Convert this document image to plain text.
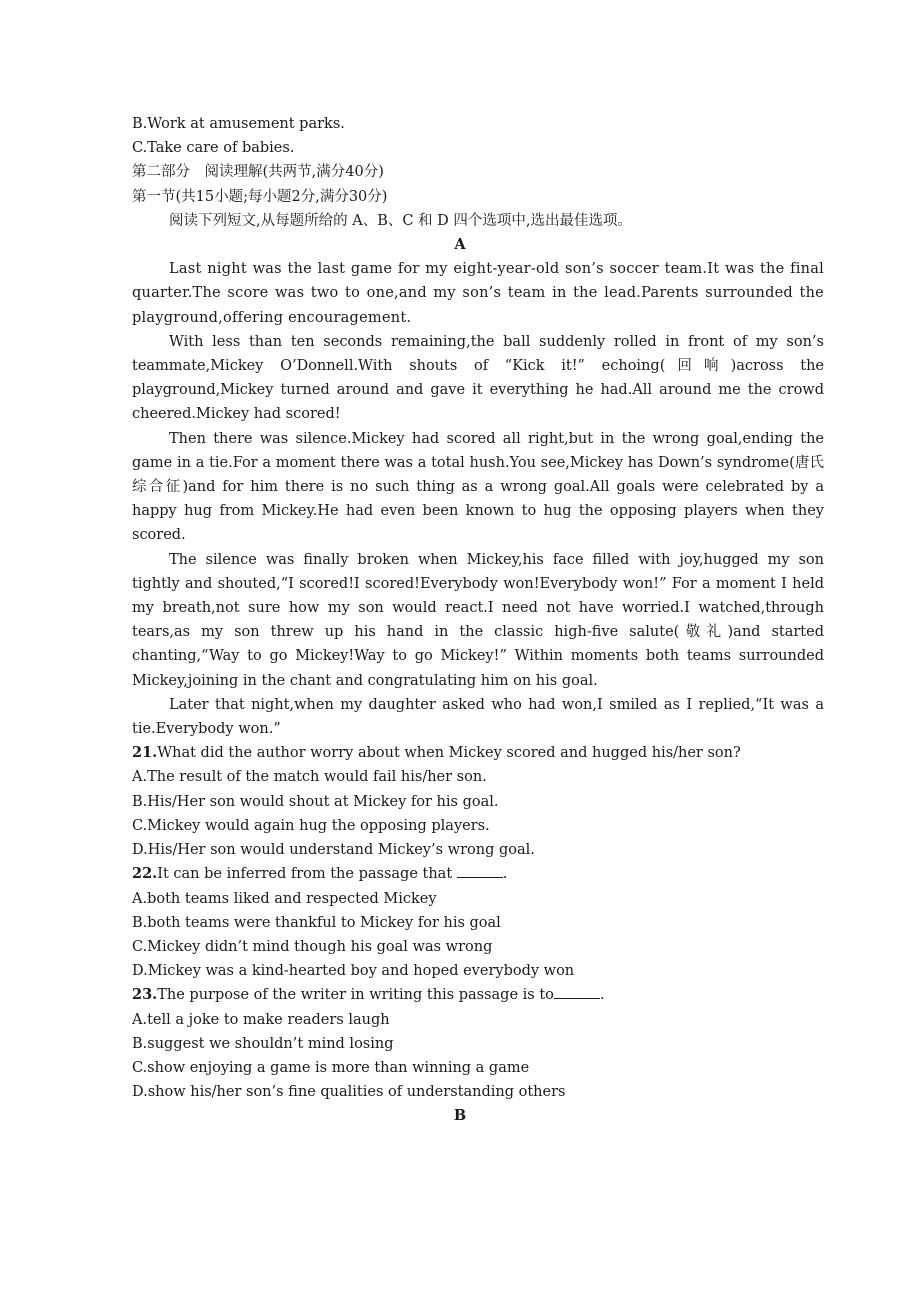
B.Work at amusement parks.
C.Take care of babies.
第二部分　阅读理解(共两节,满分40分)
第一节(共15小题;每小题2分,满分30分)
阅读下列短文,从每题所给的 A、B、C 和 D 四个选项中,选出最佳选项。
A
Last night was the last game for my eight-year-old son’s soccer team.It was the final quarter.The score was two to one,and my son’s team in the lead.Parents surrounded the playground,offering encouragement.
With less than ten seconds remaining,the ball suddenly rolled in front of my son’s teammate,Mickey O’Donnell.With shouts of “Kick it!” echoing(回响)across the playground,Mickey turned around and gave it everything he had.All around me the crowd cheered.Mickey had scored!
Then there was silence.Mickey had scored all right,but in the wrong goal,ending the game in a tie.For a moment there was a total hush.You see,Mickey has Down’s syndrome(唐氏综合征)and for him there is no such thing as a wrong goal.All goals were celebrated by a happy hug from Mickey.He had even been known to hug the opposing players when they scored.
The silence was finally broken when Mickey,his face filled with joy,hugged my son tightly and shouted,“I scored!I scored!Everybody won!Everybody won!” For a moment I held my breath,not sure how my son would react.I need not have worried.I watched,through tears,as my son threw up his hand in the classic high-five salute(敬礼)and started chanting,“Way to go Mickey!Way to go Mickey!” Within moments both teams surrounded Mickey,joining in the chant and congratulating him on his goal.
Later that night,when my daughter asked who had won,I smiled as I replied,“It was a tie.Everybody won.”
21.What did the author worry about when Mickey scored and hugged his/her son?
A.The result of the match would fail his/her son.
B.His/Her son would shout at Mickey for his goal.
C.Mickey would again hug the opposing players.
D.His/Her son would understand Mickey’s wrong goal.
22.It can be inferred from the passage that	.
A.both teams liked and respected Mickey
B.both teams were thankful to Mickey for his goal
C.Mickey didn’t mind though his goal was wrong
D.Mickey was a kind-hearted boy and hoped everybody won
23.The purpose of the writer in writing this passage is to	.
A.tell a joke to make readers laugh
B.suggest we shouldn’t mind losing
C.show enjoying a game is more than winning a game
D.show his/her son’s fine qualities of understanding others
B
